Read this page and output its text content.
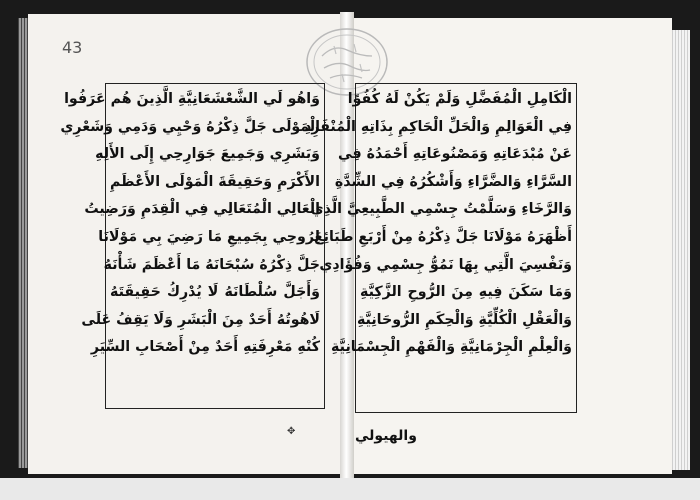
43
وَاهُو لَي الشَّعْشَعَانِيَّةِ الَّذِينَ هُم عَرَفُوا
الْمَوْلَى جَلَّ ذِكْرُهُ وَحْيِي وَدَمِي وَشَعْرِي
وَبَشَرِي وَجَمِيعَ جَوَارِحِي إِلَى الأَلِهِ
الأَكْرَمِ وَحَقِيقَةَ الْمَوْلَى الأَعْظَمِ
الْعَالِي الْمُتَعَالِي فِي الْقِدَمِ وَرَضِيتُ
لِرُوحِي بِجَمِيعِ مَا رَضِيَ بِي مَوْلَانَا
جَلَّ ذِكْرُهُ سُبْحَانَهُ مَا أَعْظَمَ شَأْنَهُ
وَأَجَلَّ سُلْطَانَهُ لَا يُدْرِكُ حَقِيقَتَهُ
لَاهُوتُهُ أَحَدٌ مِنَ الْبَشَرِ وَلَا يَقِفُ عَلَى
كُنْهِ مَعْرِفَتِهِ أَحَدٌ مِنْ أَصْحَابِ السِّيَرِ
الْكَامِلِ الْمُفَضَّلِ وَلَمْ يَكُنْ لَهُ كُفُوًا
فِي الْعَوَالِمِ وَالْحَلِّ الْحَاكِمِ بِذَاتِهِ الْمُنْفَرِدِ
عَنْ مُبْدَعَاتِهِ وَمَصْنُوعَاتِهِ أَحْمَدُهُ فِي
السَّرَّاءِ وَالضَّرَّاءِ وَأَشْكُرُهُ فِي الشِّدَّةِ
وَالرَّخَاءِ وَسَلَّمْتُ جِسْمِي الطَّبِيعِيَّ الَّذِي
أَظْهَرَهُ مَوْلَانَا جَلَّ ذِكْرُهُ مِنْ أَرْبَعِ طَبَائِعَ
وَنَفْسِيَ الَّتِي بِهَا نَمُوُّ جِسْمِي وَفُؤَادِي
وَمَا سَكَنَ فِيهِ مِنَ الرُّوحِ الزَّكِيَّةِ
وَالْعَقْلِ الْكُلِّيَّةِ وَالْحِكَمِ الرُّوحَانِيَّةِ
وَالْعِلْمِ الْجِرْمَانِيَّةِ وَالْفَهْمِ الْجِسْمَانِيَّةِ
✥	والهيولي
